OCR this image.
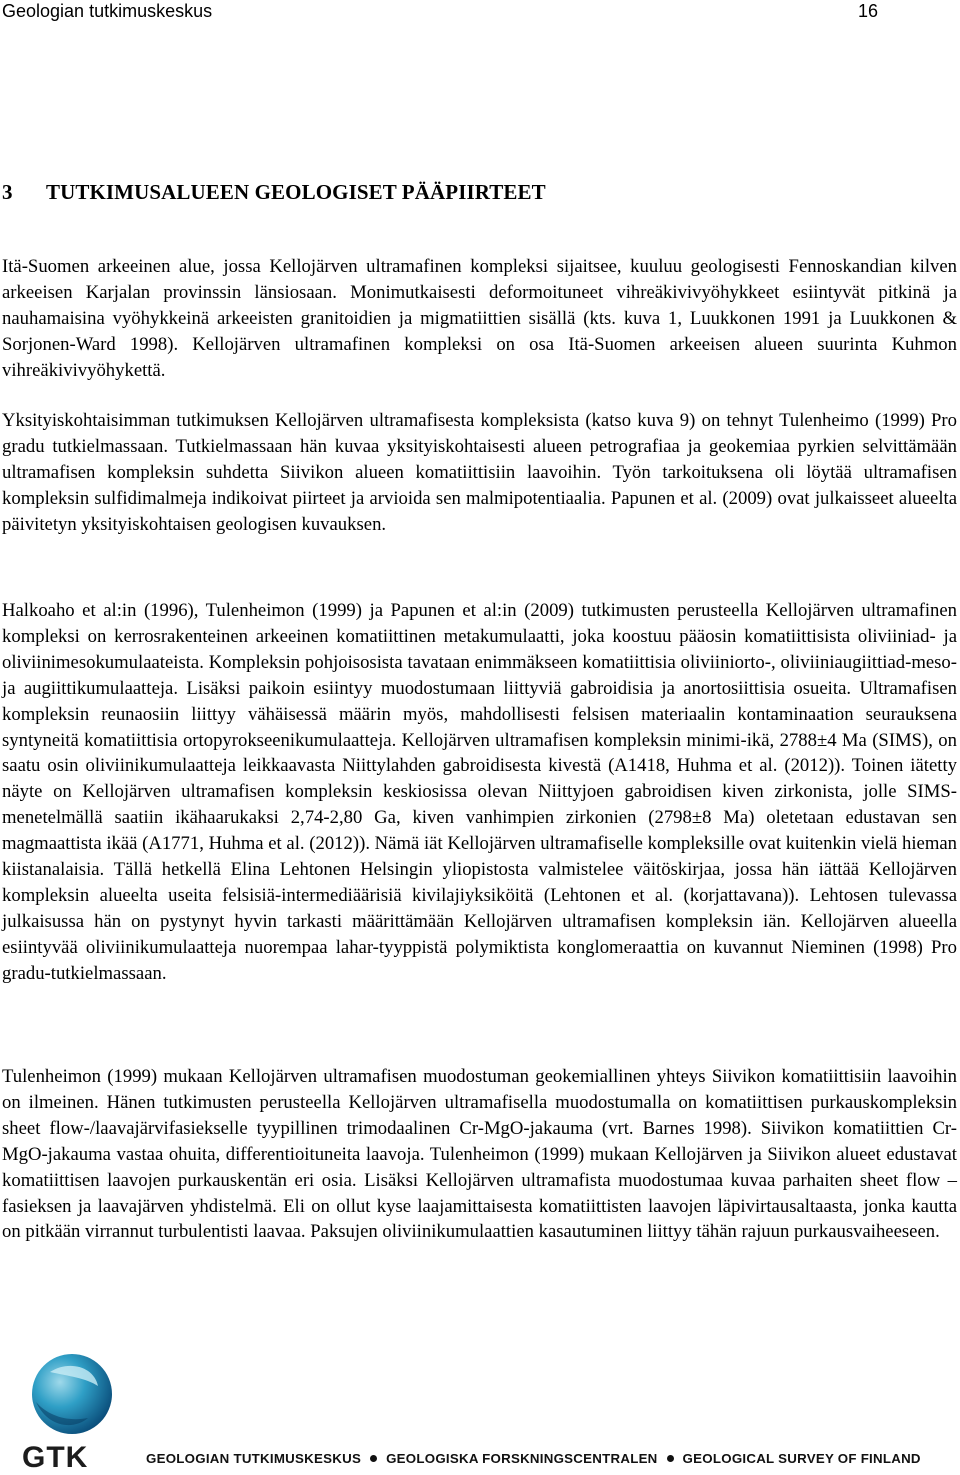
Geologian tutkimuskeskus	16
3 TUTKIMUSALUEEN GEOLOGISET PÄÄPIIRTEET

Itä-Suomen arkeeinen alue, jossa Kellojärven ultramafinen kompleksi sijaitsee, kuuluu geologisesti Fennoskandian kilven arkeeisen Karjalan provinssin länsiosaan. Monimutkaisesti deformoituneet vihreäkivivyöhykkeet esiintyvät pitkinä ja nauhamaisina vyöhykkeinä arkeeisten granitoidien ja migmatiittien sisällä (kts. kuva 1, Luukkonen 1991 ja Luukkonen & Sorjonen-Ward 1998). Kellojärven ultramafinen kompleksi on osa Itä-Suomen arkeeisen alueen suurinta Kuhmon vihreäkivivyöhykettä.

Yksityiskohtaisimman tutkimuksen Kellojärven ultramafisesta kompleksista (katso kuva 9) on tehnyt Tulenheimo (1999) Pro gradu tutkielmassaan. Tutkielmassaan hän kuvaa yksityiskohtaisesti alueen petrografiaa ja geokemiaa pyrkien selvittämään ultramafisen kompleksin suhdetta Siivikon alueen komatiittisiin laavoihin. Työn tarkoituksena oli löytää ultramafisen kompleksin sulfidimalmeja indikoivat piirteet ja arvioida sen malmipotentiaalia. Papunen et al. (2009) ovat julkaisseet alueelta päivitetyn yksityiskohtaisen geologisen kuvauksen.

Halkoaho et al:in (1996), Tulenheimon (1999) ja Papunen et al:in (2009) tutkimusten perusteella Kellojärven ultramafinen kompleksi on kerrosrakenteinen arkeeinen komatiittinen metakumulaatti, joka koostuu pääosin komatiittisista oliviiniad- ja oliviinimesokumulaateista. Kompleksin pohjoisosista tavataan enimmäkseen komatiittisia oliviiniorto-, oliviiniaugiittiad-meso- ja augiittikumulaatteja. Lisäksi paikoin esiintyy muodostumaan liittyviä gabroidisia ja anortosiittisia osueita. Ultramafisen kompleksin reunaosiin liittyy vähäisessä määrin myös, mahdollisesti felsisen materiaalin kontaminaation seurauksena syntyneitä komatiittisia ortopyrokseenikumulaatteja. Kellojärven ultramafisen kompleksin minimi-ikä, 2788±4 Ma (SIMS), on saatu osin oliviinikumulaatteja leikkaavasta Niittylahden gabroidisesta kivestä (A1418, Huhma et al. (2012)). Toinen iätetty näyte on Kellojärven ultramafisen kompleksin keskiosissa olevan Niittyjoen gabroidisen kiven zirkonista, jolle SIMS-menetelmällä saatiin ikähaarukaksi 2,74-2,80 Ga, kiven vanhimpien zirkonien (2798±8 Ma) oletetaan edustavan sen magmaattista ikää (A1771, Huhma et al. (2012)). Nämä iät Kellojärven ultramafiselle kompleksille ovat kuitenkin vielä hieman kiistanalaisia. Tällä hetkellä Elina Lehtonen Helsingin yliopistosta valmistelee väitöskirjaa, jossa hän iättää Kellojärven kompleksin alueelta useita felsisiä-intermediäärisiä kivilajiyksiköitä (Lehtonen et al. (korjattavana)). Lehtosen tulevassa julkaisussa hän on pystynyt hyvin tarkasti määrittämään Kellojärven ultramafisen kompleksin iän. Kellojärven alueella esiintyvää oliviinikumulaatteja nuorempaa lahar-tyyppistä polymiktista konglomeraattia on kuvannut Nieminen (1998) Pro gradu-tutkielmassaan.

Tulenheimon (1999) mukaan Kellojärven ultramafisen muodostuman geokemiallinen yhteys Siivikon komatiittisiin laavoihin on ilmeinen. Hänen tutkimusten perusteella Kellojärven ultramafisella muodostumalla on komatiittisen purkauskompleksin sheet flow-/laavajärvifasiekselle tyypillinen trimodaalinen Cr-MgO-jakauma (vrt. Barnes 1998). Siivikon komatiittien Cr-MgO-jakauma vastaa ohuita, differentioituneita laavoja. Tulenheimon (1999) mukaan Kellojärven ja Siivikon alueet edustavat komatiittisen laavojen purkauskentän eri osia. Lisäksi Kellojärven ultramafista muodostumaa kuvaa parhaiten sheet flow – fasieksen ja laavajärven yhdistelmä. Eli on ollut kyse laajamittaisesta komatiittisten laavojen läpivirtausaltaasta, jonka kautta on pitkään virrannut turbulentisti laavaa. Paksujen oliviinikumulaattien kasautuminen liittyy tähän rajuun purkausvaiheeseen.

GTK	GEOLOGIAN TUTKIMUSKESKUS GEOLOGISKA FORSKNINGSCENTRALEN GEOLOGICAL SURVEY OF FINLAND
